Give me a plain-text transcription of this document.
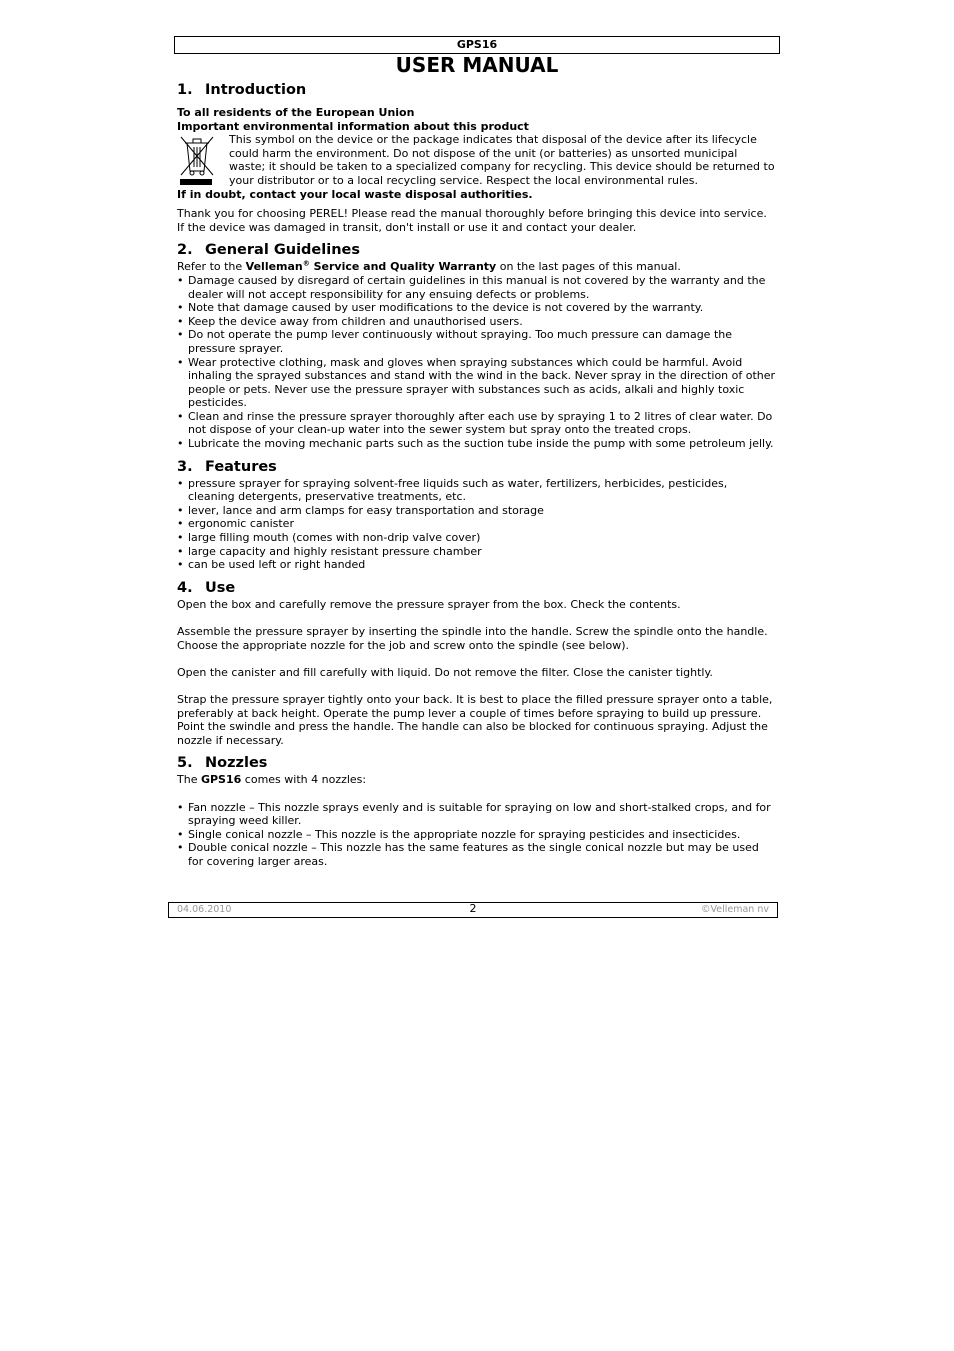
GPS16
USER MANUAL
1. Introduction

To all residents of the European Union

Important environmental information about this product

This symbol on the device or the package indicates that disposal of the device after its lifecycle could harm the environment. Do not dispose of the unit (or batteries) as unsorted municipal waste; it should be taken to a specialized company for recycling. This device should be returned to your distributor or to a local recycling service. Respect the local environmental rules.

If in doubt, contact your local waste disposal authorities.

Thank you for choosing PEREL! Please read the manual thoroughly before bringing this device into service. If the device was damaged in transit, don't install or use it and contact your dealer.

2. General Guidelines

Refer to the Velleman® Service and Quality Warranty on the last pages of this manual.

• Damage caused by disregard of certain guidelines in this manual is not covered by the warranty and the dealer will not accept responsibility for any ensuing defects or problems.
• Note that damage caused by user modifications to the device is not covered by the warranty.
• Keep the device away from children and unauthorised users.
• Do not operate the pump lever continuously without spraying. Too much pressure can damage the pressure sprayer.
• Wear protective clothing, mask and gloves when spraying substances which could be harmful. Avoid inhaling the sprayed substances and stand with the wind in the back. Never spray in the direction of other people or pets. Never use the pressure sprayer with substances such as acids, alkali and highly toxic pesticides.
• Clean and rinse the pressure sprayer thoroughly after each use by spraying 1 to 2 litres of clear water. Do not dispose of your clean-up water into the sewer system but spray onto the treated crops.
• Lubricate the moving mechanic parts such as the suction tube inside the pump with some petroleum jelly.
3. Features
• pressure sprayer for spraying solvent-free liquids such as water, fertilizers, herbicides, pesticides, cleaning detergents, preservative treatments, etc.
• lever, lance and arm clamps for easy transportation and storage
• ergonomic canister
• large filling mouth (comes with non-drip valve cover)
• large capacity and highly resistant pressure chamber
• can be used left or right handed
4. Use

Open the box and carefully remove the pressure sprayer from the box. Check the contents.

Assemble the pressure sprayer by inserting the spindle into the handle. Screw the spindle onto the handle. Choose the appropriate nozzle for the job and screw onto the spindle (see below).

Open the canister and fill carefully with liquid. Do not remove the filter. Close the canister tightly.

Strap the pressure sprayer tightly onto your back. It is best to place the filled pressure sprayer onto a table, preferably at back height. Operate the pump lever a couple of times before spraying to build up pressure. Point the swindle and press the handle. The handle can also be blocked for continuous spraying. Adjust the nozzle if necessary.

5. Nozzles

The GPS16 comes with 4 nozzles:

• Fan nozzle – This nozzle sprays evenly and is suitable for spraying on low and short-stalked crops, and for spraying weed killer.
• Single conical nozzle – This nozzle is the appropriate nozzle for spraying pesticides and insecticides.
• Double conical nozzle – This nozzle has the same features as the single conical nozzle but may be used for covering larger areas.
04.06.2010	2	©Velleman nv
